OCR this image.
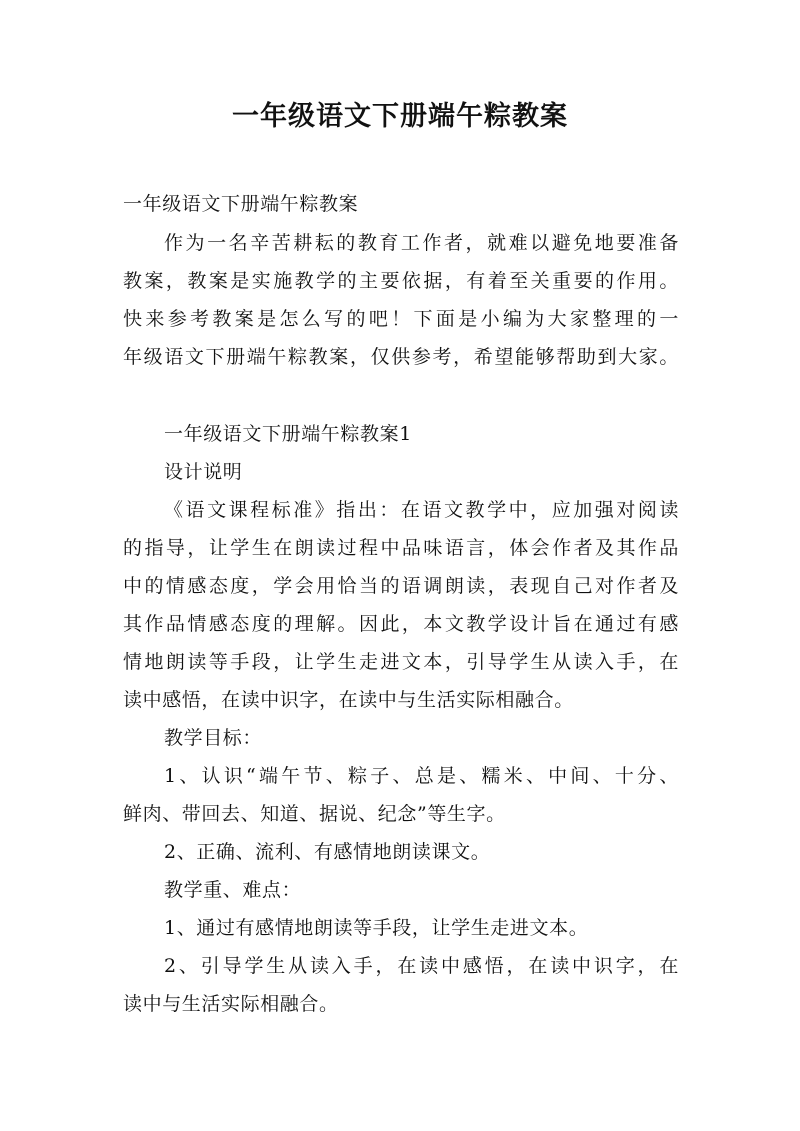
一年级语文下册端午粽教案
一年级语文下册端午粽教案
作为一名辛苦耕耘的教育工作者，就难以避免地要准备
教案，教案是实施教学的主要依据，有着至关重要的作用。
快来参考教案是怎么写的吧！下面是小编为大家整理的一
年级语文下册端午粽教案，仅供参考，希望能够帮助到大家。
一年级语文下册端午粽教案1
设计说明
《语文课程标准》指出：在语文教学中，应加强对阅读
的指导，让学生在朗读过程中品味语言，体会作者及其作品
中的情感态度，学会用恰当的语调朗读，表现自己对作者及
其作品情感态度的理解。因此，本文教学设计旨在通过有感
情地朗读等手段，让学生走进文本，引导学生从读入手，在
读中感悟，在读中识字，在读中与生活实际相融合。
教学目标：
1、认识“端午节、粽子、总是、糯米、中间、十分、
鲜肉、带回去、知道、据说、纪念”等生字。
2、正确、流利、有感情地朗读课文。
教学重、难点：
1、通过有感情地朗读等手段，让学生走进文本。
2、引导学生从读入手，在读中感悟，在读中识字，在
读中与生活实际相融合。
